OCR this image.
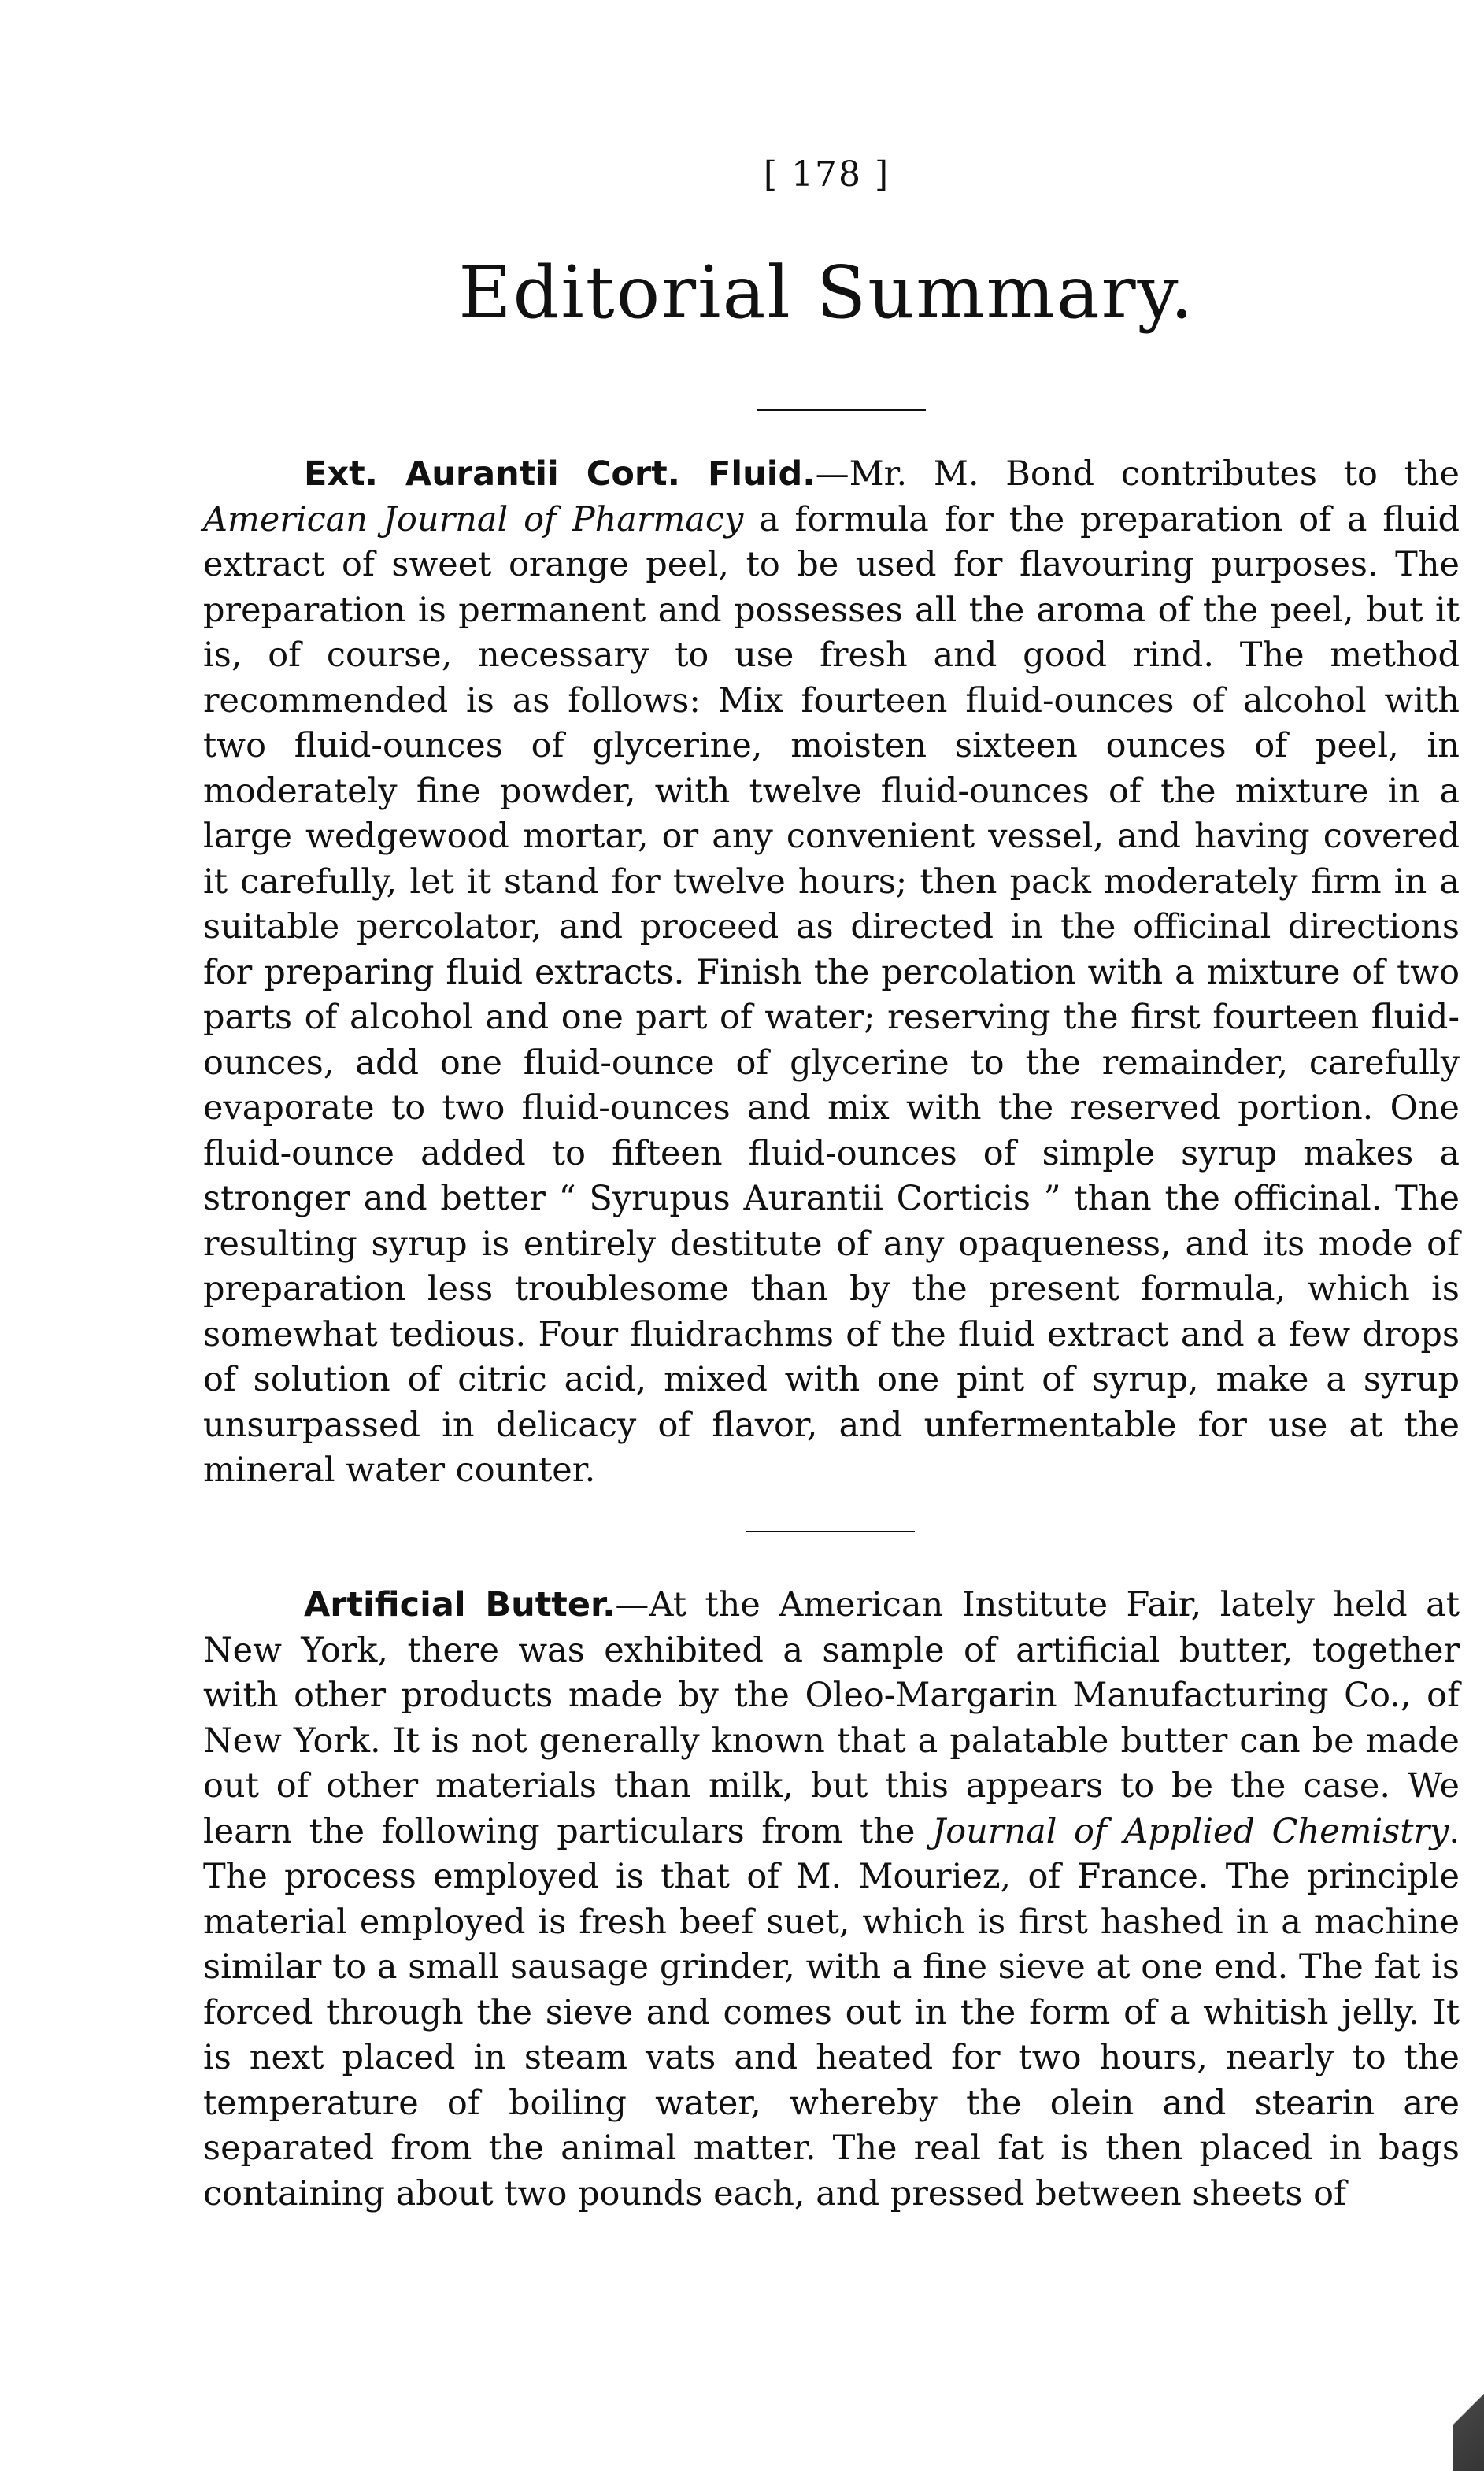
[ 178 ]
Editorial Summary.

Ext. Aurantii Cort. Fluid.—Mr. M. Bond contributes to the American Journal of Pharmacy a formula for the preparation of a fluid extract of sweet orange peel, to be used for flavouring purposes. The preparation is permanent and possesses all the aroma of the peel, but it is, of course, necessary to use fresh and good rind. The method recommended is as follows: Mix fourteen fluid-ounces of alcohol with two fluid-ounces of glycerine, moisten sixteen ounces of peel, in moderately fine powder, with twelve fluid-ounces of the mixture in a large wedgewood mortar, or any convenient vessel, and having covered it carefully, let it stand for twelve hours; then pack moderately firm in a suitable percolator, and proceed as directed in the officinal directions for preparing fluid extracts. Finish the percolation with a mixture of two parts of alcohol and one part of water; reserving the first fourteen fluid-ounces, add one fluid-ounce of glycerine to the remainder, carefully evaporate to two fluid-ounces and mix with the reserved portion. One fluid-ounce added to fifteen fluid-ounces of simple syrup makes a stronger and better “ Syrupus Aurantii Corticis ” than the officinal. The resulting syrup is entirely destitute of any opaqueness, and its mode of preparation less troublesome than by the present formula, which is somewhat tedious. Four fluidrachms of the fluid extract and a few drops of solution of citric acid, mixed with one pint of syrup, make a syrup unsurpassed in delicacy of flavor, and unfermentable for use at the mineral water counter.

Artificial Butter.—At the American Institute Fair, lately held at New York, there was exhibited a sample of artificial butter, together with other products made by the Oleo-Margarin Manufacturing Co., of New York. It is not generally known that a palatable butter can be made out of other materials than milk, but this appears to be the case. We learn the following particulars from the Journal of Applied Chemistry. The process employed is that of M. Mouriez, of France. The principle material employed is fresh beef suet, which is first hashed in a machine similar to a small sausage grinder, with a fine sieve at one end. The fat is forced through the sieve and comes out in the form of a whitish jelly. It is next placed in steam vats and heated for two hours, nearly to the temperature of boiling water, whereby the olein and stearin are separated from the animal matter. The real fat is then placed in bags containing about two pounds each, and pressed between sheets of
